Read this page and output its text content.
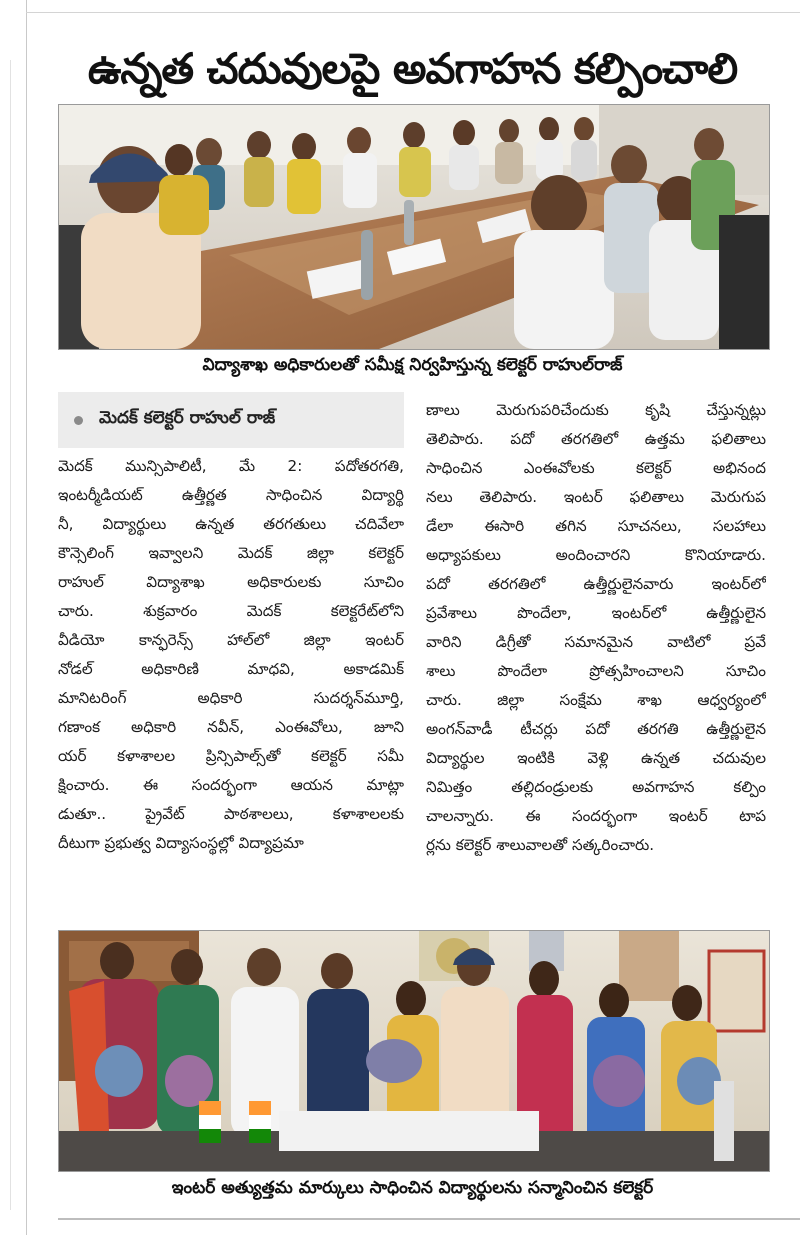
ఉన్నత చదువులపై అవగాహన కల్పించాలి
విద్యాశాఖ అధికారులతో సమీక్ష నిర్వహిస్తున్న కలెక్టర్‌ రాహుల్‌రాజ్‌
మెదక్‌ కలెక్టర్‌ రాహుల్‌ రాజ్‌
మెదక్‌ మున్సిపాలిటీ, మే 2: పదోతరగతి,
ఇంటర్మీడియట్‌ ఉత్తీర్ణత సాధించిన విద్యార్థి
నీ, విద్యార్థులు ఉన్నత తరగతులు చదివేలా
కౌన్సెలింగ్‌ ఇవ్వాలని మెదక్‌ జిల్లా కలెక్టర్‌
రాహుల్‌ విద్యాశాఖ అధికారులకు సూచిం
చారు. శుక్రవారం మెదక్‌ కలెక్టరేట్‌లోని
వీడియో కాన్ఫరెన్స్‌ హాల్‌లో జిల్లా ఇంటర్‌
నోడల్‌ అధికారిణి మాధవి, అకాడమిక్‌
మానిటరింగ్‌ అధికారి సుదర్శన్‌మూర్తి,
గణాంక అధికారి నవీన్‌, ఎంఈవోలు, జూని
యర్‌ కళాశాలల ప్రిన్సిపాల్స్‌తో కలెక్టర్‌ సమీ
క్షించారు. ఈ సందర్భంగా ఆయన మాట్లా
డుతూ.. ప్రైవేట్‌ పాఠశాలలు, కళాశాలలకు
దీటుగా ప్రభుత్వ విద్యాసంస్థల్లో విద్యాప్రమా
ణాలు మెరుగుపరిచేందుకు కృషి చేస్తున్నట్లు
తెలిపారు. పదో తరగతిలో ఉత్తమ ఫలితాలు
సాధించిన ఎంఈవోలకు కలెక్టర్‌ అభినంద
నలు తెలిపారు. ఇంటర్‌ ఫలితాలు మెరుగుప
డేలా ఈసారి తగిన సూచనలు, సలహాలు
అధ్యాపకులు అందించారని కొనియాడారు.
పదో తరగతిలో ఉత్తీర్ణులైనవారు ఇంటర్‌లో
ప్రవేశాలు పొందేలా, ఇంటర్‌లో ఉత్తీర్ణులైన
వారిని డిగ్రీతో సమానమైన వాటిలో ప్రవే
శాలు పొందేలా ప్రోత్సహించాలని సూచిం
చారు. జిల్లా సంక్షేమ శాఖ ఆధ్వర్యంలో
అంగన్‌వాడీ టీచర్లు పదో తరగతి ఉత్తీర్ణులైన
విద్యార్థుల ఇంటికి వెళ్లి ఉన్నత చదువుల
నిమిత్తం తల్లిదండ్రులకు అవగాహన కల్పిం
చాలన్నారు. ఈ సందర్భంగా ఇంటర్‌ టాప
ర్లను కలెక్టర్‌ శాలువాలతో సత్కరించారు.
ఇంటర్‌ అత్యుత్తమ మార్కులు సాధించిన విద్యార్థులను సన్మానించిన కలెక్టర్‌
